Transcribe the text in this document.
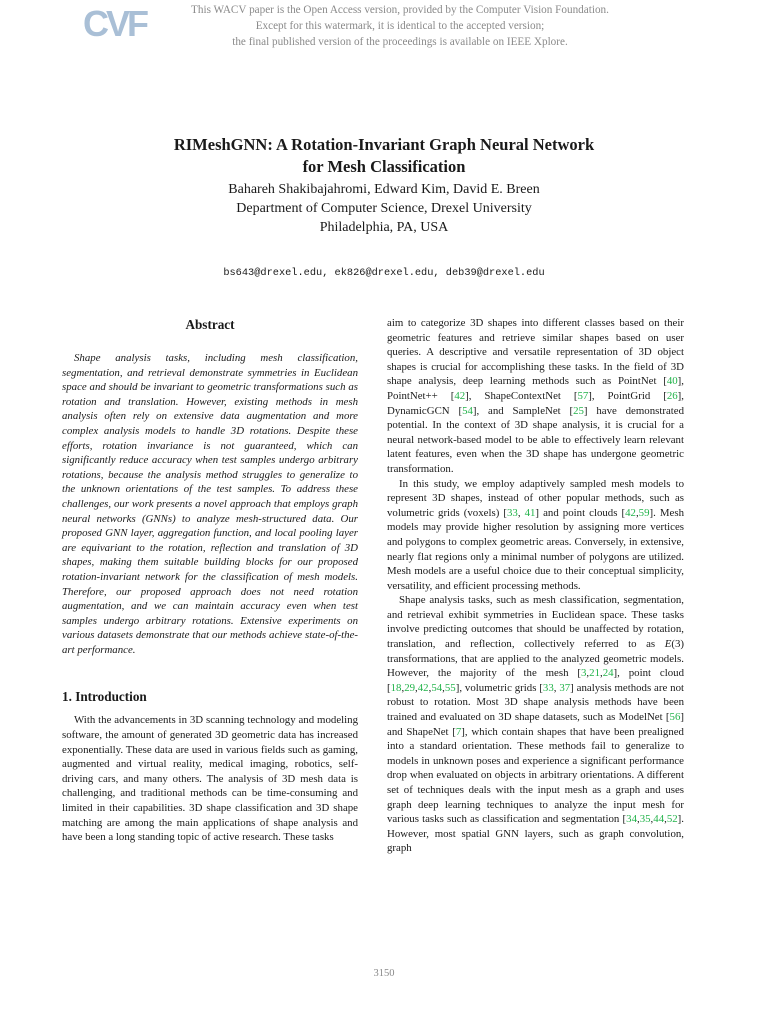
CVF	This WACV paper is the Open Access version, provided by the Computer Vision Foundation.
Except for this watermark, it is identical to the accepted version;
the final published version of the proceedings is available on IEEE Xplore.
RIMeshGNN: A Rotation-Invariant Graph Neural Network
for Mesh Classification
Bahareh Shakibajahromi, Edward Kim, David E. Breen
Department of Computer Science, Drexel University
Philadelphia, PA, USA
bs643@drexel.edu, ek826@drexel.edu, deb39@drexel.edu
Abstract

Shape analysis tasks, including mesh classification, segmentation, and retrieval demonstrate symmetries in Euclidean space and should be invariant to geometric transformations such as rotation and translation. However, existing methods in mesh analysis often rely on extensive data augmentation and more complex analysis models to handle 3D rotations. Despite these efforts, rotation invariance is not guaranteed, which can significantly reduce accuracy when test samples undergo arbitrary rotations, because the analysis method struggles to generalize to the unknown orientations of the test samples. To address these challenges, our work presents a novel approach that employs graph neural networks (GNNs) to analyze mesh-structured data. Our proposed GNN layer, aggregation function, and local pooling layer are equivariant to the rotation, reflection and translation of 3D shapes, making them suitable building blocks for our proposed rotation-invariant network for the classification of mesh models. Therefore, our proposed approach does not need rotation augmentation, and we can maintain accuracy even when test samples undergo arbitrary rotations. Extensive experiments on various datasets demonstrate that our methods achieve state-of-the-art performance.

1. Introduction

With the advancements in 3D scanning technology and modeling software, the amount of generated 3D geometric data has increased exponentially. These data are used in various fields such as gaming, augmented and virtual reality, medical imaging, robotics, self-driving cars, and many others. The analysis of 3D mesh data is challenging, and traditional methods can be time-consuming and limited in their capabilities. 3D shape classification and 3D shape matching are among the main applications of shape analysis and have been a long standing topic of active research. These tasks

aim to categorize 3D shapes into different classes based on their geometric features and retrieve similar shapes based on user queries. A descriptive and versatile representation of 3D object shapes is crucial for accomplishing these tasks. In the field of 3D shape analysis, deep learning methods such as PointNet [40], PointNet++ [42], ShapeContextNet [57], PointGrid [26], DynamicGCN [54], and SampleNet [25] have demonstrated potential. In the context of 3D shape analysis, it is crucial for a neural network-based model to be able to effectively learn relevant latent features, even when the 3D shape has undergone geometric transformation.

In this study, we employ adaptively sampled mesh models to represent 3D shapes, instead of other popular methods, such as volumetric grids (voxels) [33, 41] and point clouds [42,59]. Mesh models may provide higher resolution by assigning more vertices and polygons to complex geometric areas. Conversely, in extensive, nearly flat regions only a minimal number of polygons are utilized. Mesh models are a useful choice due to their conceptual simplicity, versatility, and efficient processing methods.

Shape analysis tasks, such as mesh classification, segmentation, and retrieval exhibit symmetries in Euclidean space. These tasks involve predicting outcomes that should be unaffected by rotation, translation, and reflection, collectively referred to as E(3) transformations, that are applied to the analyzed geometric models. However, the majority of the mesh [3,21,24], point cloud [18,29,42,54,55], volumetric grids [33, 37] analysis methods are not robust to rotation. Most 3D shape analysis methods have been trained and evaluated on 3D shape datasets, such as ModelNet [56] and ShapeNet [7], which contain shapes that have been prealigned into a standard orientation. These methods fail to generalize to models in unknown poses and experience a significant performance drop when evaluated on objects in arbitrary orientations. A different set of techniques deals with the input mesh as a graph and uses graph deep learning techniques to analyze the input mesh for various tasks such as classification and segmentation [34,35,44,52]. However, most spatial GNN layers, such as graph convolution, graph

3150
